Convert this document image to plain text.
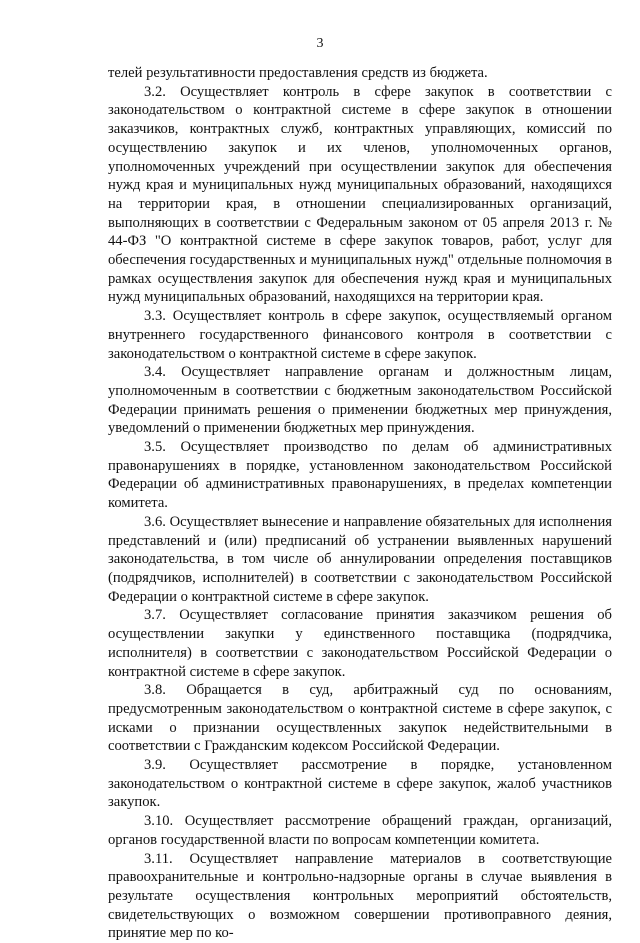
3

телей результативности предоставления средств из бюджета.

3.2. Осуществляет контроль в сфере закупок в соответствии с законодательством о контрактной системе в сфере закупок в отношении заказчиков, контрактных служб, контрактных управляющих, комиссий по осуществлению закупок и их членов, уполномоченных органов, уполномоченных учреждений при осуществлении закупок для обеспечения нужд края и муниципальных нужд муниципальных образований, находящихся на территории края, в отношении специализированных организаций, выполняющих в соответствии с Федеральным законом от 05 апреля 2013 г. № 44-ФЗ "О контрактной системе в сфере закупок товаров, работ, услуг для обеспечения государственных и муниципальных нужд" отдельные полномочия в рамках осуществления закупок для обеспечения нужд края и муниципальных нужд муниципальных образований, находящихся на территории края.

3.3. Осуществляет контроль в сфере закупок, осуществляемый органом внутреннего государственного финансового контроля в соответствии с законодательством о контрактной системе в сфере закупок.

3.4. Осуществляет направление органам и должностным лицам, уполномоченным в соответствии с бюджетным законодательством Российской Федерации принимать решения о применении бюджетных мер принуждения, уведомлений о применении бюджетных мер принуждения.

3.5. Осуществляет производство по делам об административных правонарушениях в порядке, установленном законодательством Российской Федерации об административных правонарушениях, в пределах компетенции комитета.

3.6. Осуществляет вынесение и направление обязательных для исполнения представлений и (или) предписаний об устранении выявленных нарушений законодательства, в том числе об аннулировании определения поставщиков (подрядчиков, исполнителей) в соответствии с законодательством Российской Федерации о контрактной системе в сфере закупок.

3.7. Осуществляет согласование принятия заказчиком решения об осуществлении закупки у единственного поставщика (подрядчика, исполнителя) в соответствии с законодательством Российской Федерации о контрактной системе в сфере закупок.

3.8. Обращается в суд, арбитражный суд по основаниям, предусмотренным законодательством о контрактной системе в сфере закупок, с исками о признании осуществленных закупок недействительными в соответствии с Гражданским кодексом Российской Федерации.

3.9. Осуществляет рассмотрение в порядке, установленном законодательством о контрактной системе в сфере закупок, жалоб участников закупок.

3.10. Осуществляет рассмотрение обращений граждан, организаций, органов государственной власти по вопросам компетенции комитета.

3.11. Осуществляет направление материалов в соответствующие правоохранительные и контрольно-надзорные органы в случае выявления в результате осуществления контрольных мероприятий обстоятельств, свидетельствующих о возможном совершении противоправного деяния, принятие мер по ко-
